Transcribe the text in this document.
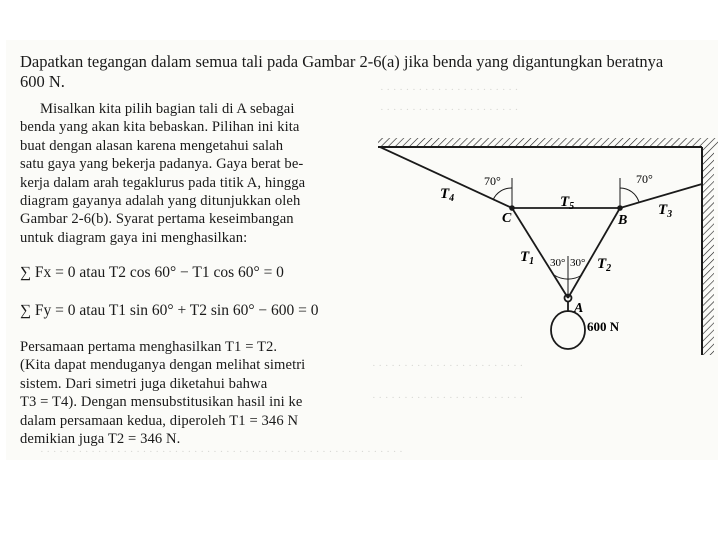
· · · · · · · · · · · · · · · · · · · · · ·
· · · · · · · · · · · · · · · · · · · · · ·
· · · · · · · · · · · · · · · · · · · · · · · ·
· · · · · · · · · · · · · · · · · · · · · · · ·
· · · · · · · · · · · · · · · · · · · · · · · · · · · · · · · · · · · · · · · · · · · · · · · · · · · · · · · · ·
Dapatkan tegangan dalam semua tali pada Gambar 2-6(a) jika benda yang digantungkan beratnya
600 N.
Misalkan kita pilih bagian tali di A sebagai
benda yang akan kita bebaskan. Pilihan ini kita
buat dengan alasan karena mengetahui salah
satu gaya yang bekerja padanya. Gaya berat be-
kerja dalam arah tegaklurus pada titik A, hingga
diagram gayanya adalah yang ditunjukkan oleh
Gambar 2-6(b). Syarat pertama keseimbangan
untuk diagram gaya ini menghasilkan:
∑ Fx = 0 atau T2 cos 60° − T1 cos 60° = 0
∑ Fy = 0 atau T1 sin 60° + T2 sin 60° − 600 = 0
Persamaan pertama menghasilkan T1 = T2.
(Kita dapat menduganya dengan melihat simetri
sistem. Dari simetri juga diketahui bahwa
T3 = T4). Dengan mensubstitusikan hasil ini ke
dalam persamaan kedua, diperoleh T1 = 346 N
demikian juga T2 = 346 N.
$T_4$	$T_5$	$T_3$
$T_1$	$T_2$
70°	70°
30° 30°
C	B
A
600 N
